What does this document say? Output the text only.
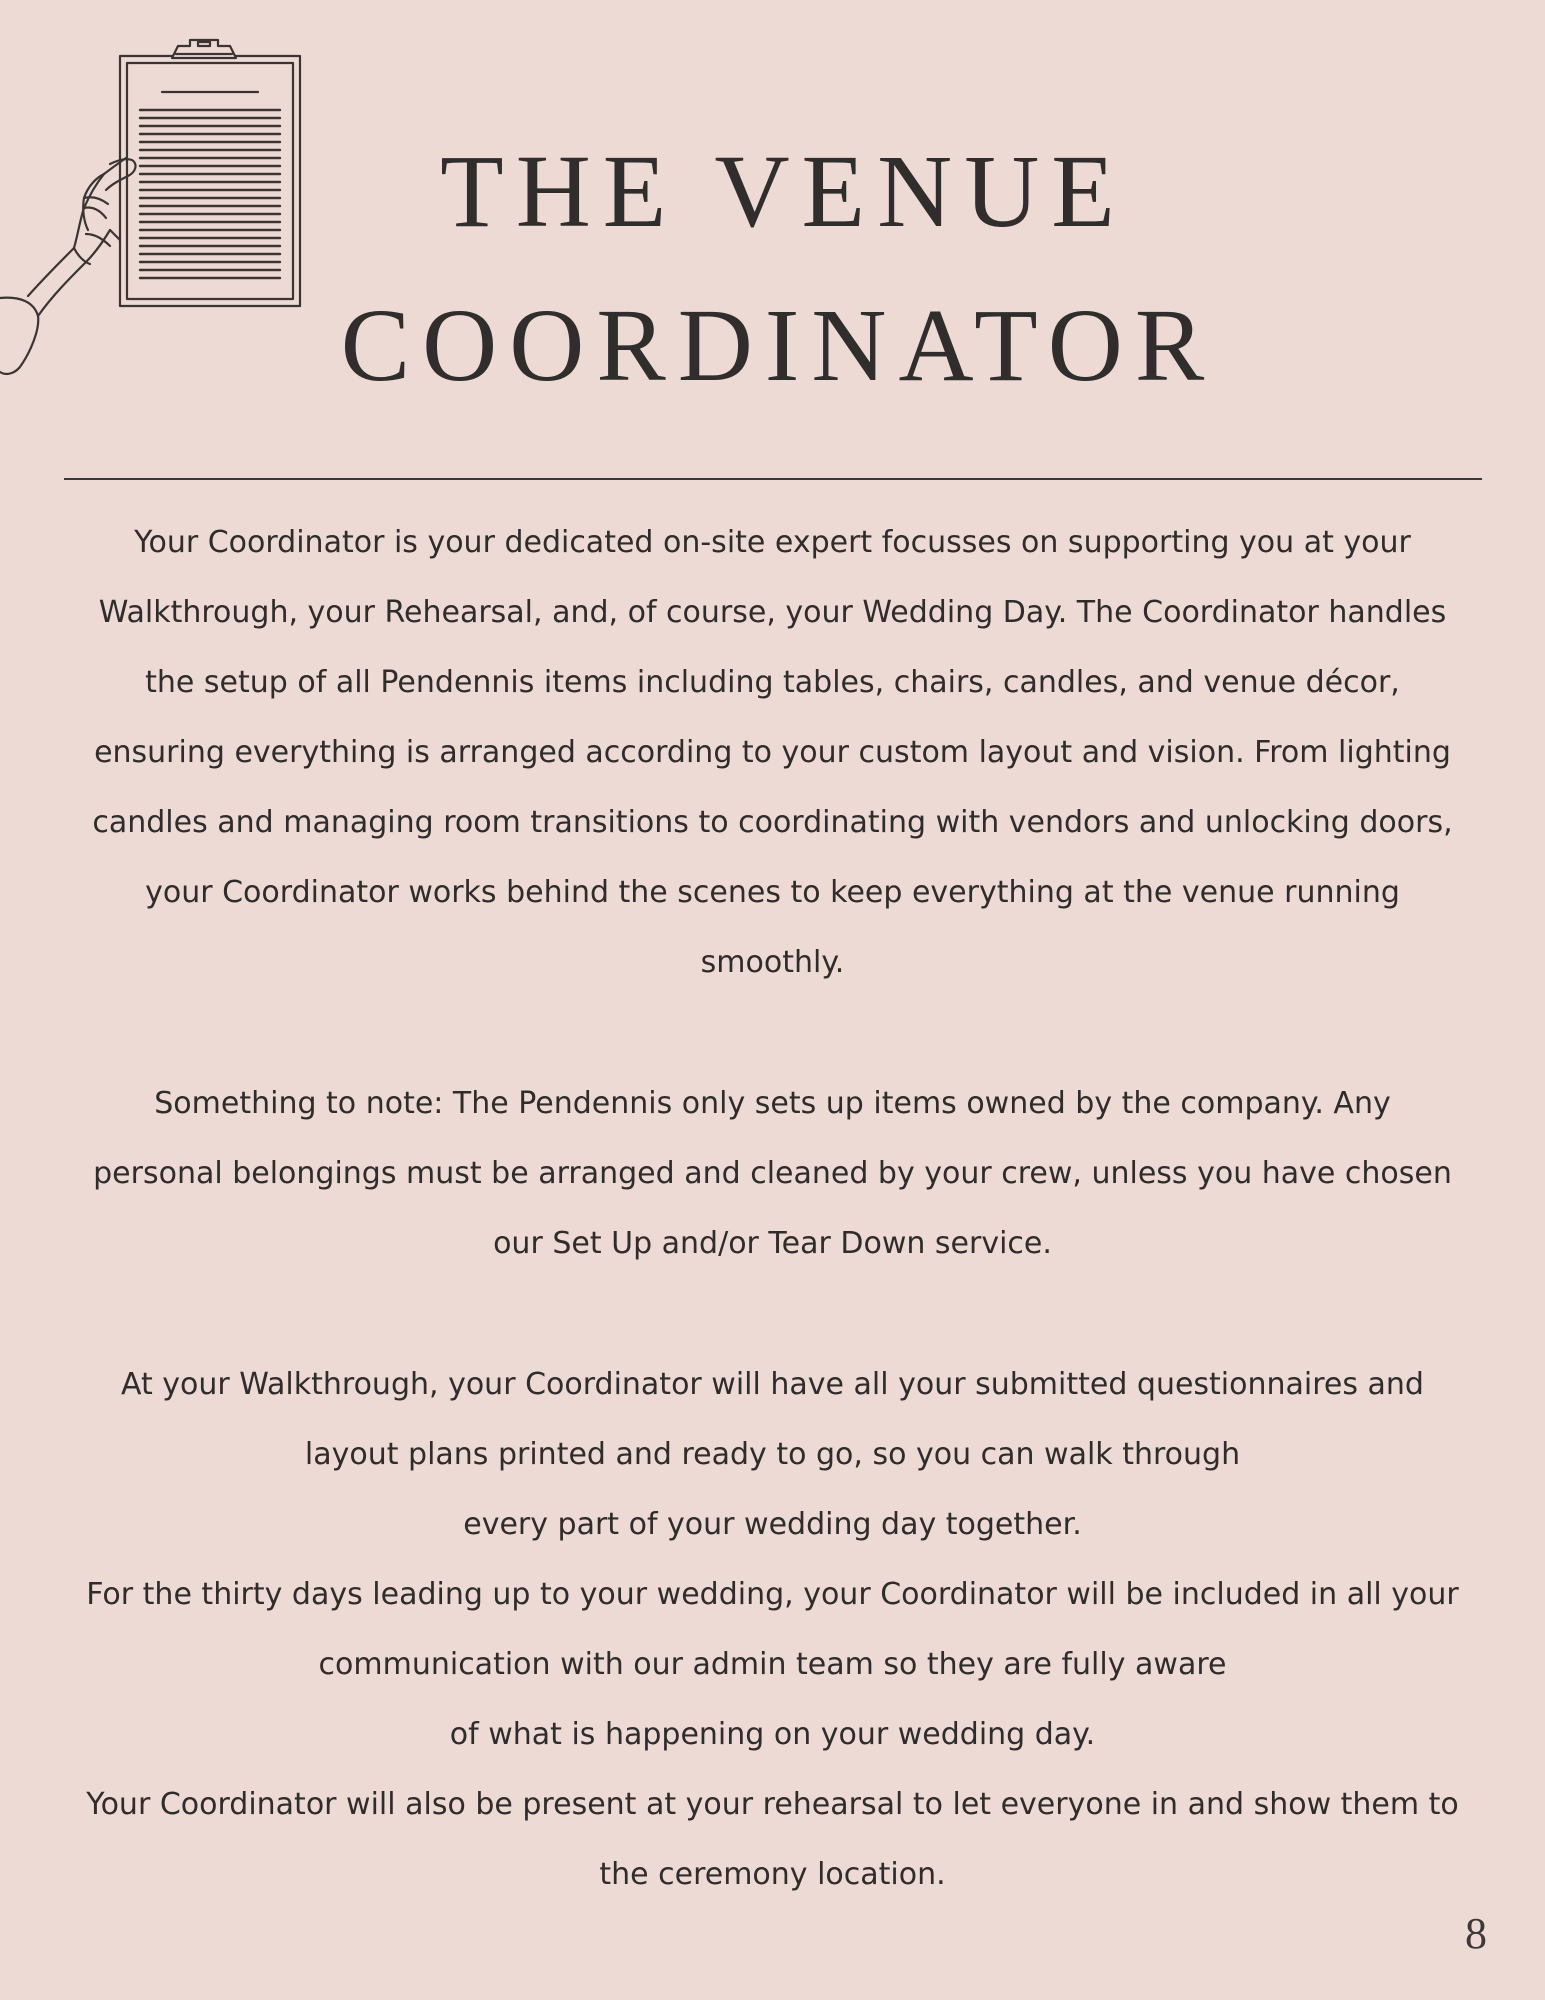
THE VENUE
COORDINATOR

Your Coordinator is your dedicated on-site expert focusses on supporting you at your
Walkthrough, your Rehearsal, and, of course, your Wedding Day. The Coordinator handles
the setup of all Pendennis items including tables, chairs, candles, and venue décor,
ensuring everything is arranged according to your custom layout and vision. From lighting
candles and managing room transitions to coordinating with vendors and unlocking doors,
your Coordinator works behind the scenes to keep everything at the venue running
smoothly.

Something to note: The Pendennis only sets up items owned by the company. Any
personal belongings must be arranged and cleaned by your crew, unless you have chosen
our Set Up and/or Tear Down service.

At your Walkthrough, your Coordinator will have all your submitted questionnaires and
layout plans printed and ready to go, so you can walk through
every part of your wedding day together.
For the thirty days leading up to your wedding, your Coordinator will be included in all your
communication with our admin team so they are fully aware
of what is happening on your wedding day.
Your Coordinator will also be present at your rehearsal to let everyone in and show them to
the ceremony location.

8
